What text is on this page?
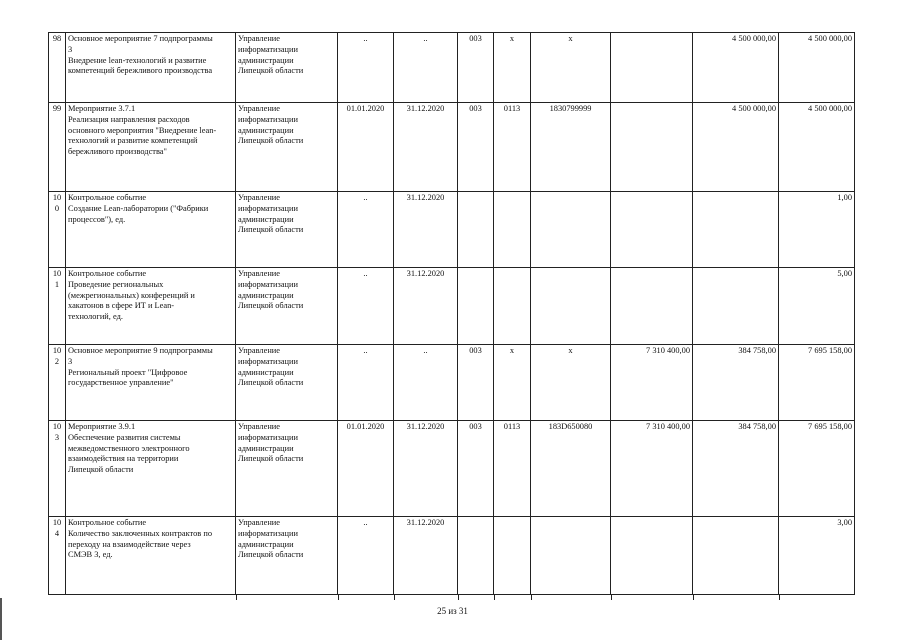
98	Основное мероприятие 7 подпрограммы
3
Внедрение lean-технологий и развитие
компетенций бережливого производства	Управление
информатизации
администрации
Липецкой области	..	..	003	х	х		4 500 000,00	4 500 000,00
99	Мероприятие 3.7.1
Реализация направления расходов
основного мероприятия "Внедрение lean-
технологий и развитие компетенций
бережливого производства"	Управление
информатизации
администрации
Липецкой области	01.01.2020	31.12.2020	003	0113	1830799999		4 500 000,00	4 500 000,00
100	Контрольное событие
Создание Lean-лаборатории ("Фабрики
процессов"), ед.	Управление
информатизации
администрации
Липецкой области	..	31.12.2020						1,00
101	Контрольное событие
Проведение региональных
(межрегиональных) конференций и
хакатонов в сфере ИТ и Lean-
технологий, ед.	Управление
информатизации
администрации
Липецкой области	..	31.12.2020						5,00
102	Основное мероприятие 9 подпрограммы
3
Региональный проект "Цифровое
государственное управление"	Управление
информатизации
администрации
Липецкой области	..	..	003	х	х	7 310 400,00	384 758,00	7 695 158,00
103	Мероприятие 3.9.1
Обеспечение развития системы
межведомственного электронного
взаимодействия на территории
Липецкой области	Управление
информатизации
администрации
Липецкой области	01.01.2020	31.12.2020	003	0113	183D650080	7 310 400,00	384 758,00	7 695 158,00
104	Контрольное событие
Количество заключенных контрактов по
переходу на взаимодействие через
СМЭВ 3, ед.	Управление
информатизации
администрации
Липецкой области	..	31.12.2020						3,00
25 из 31
